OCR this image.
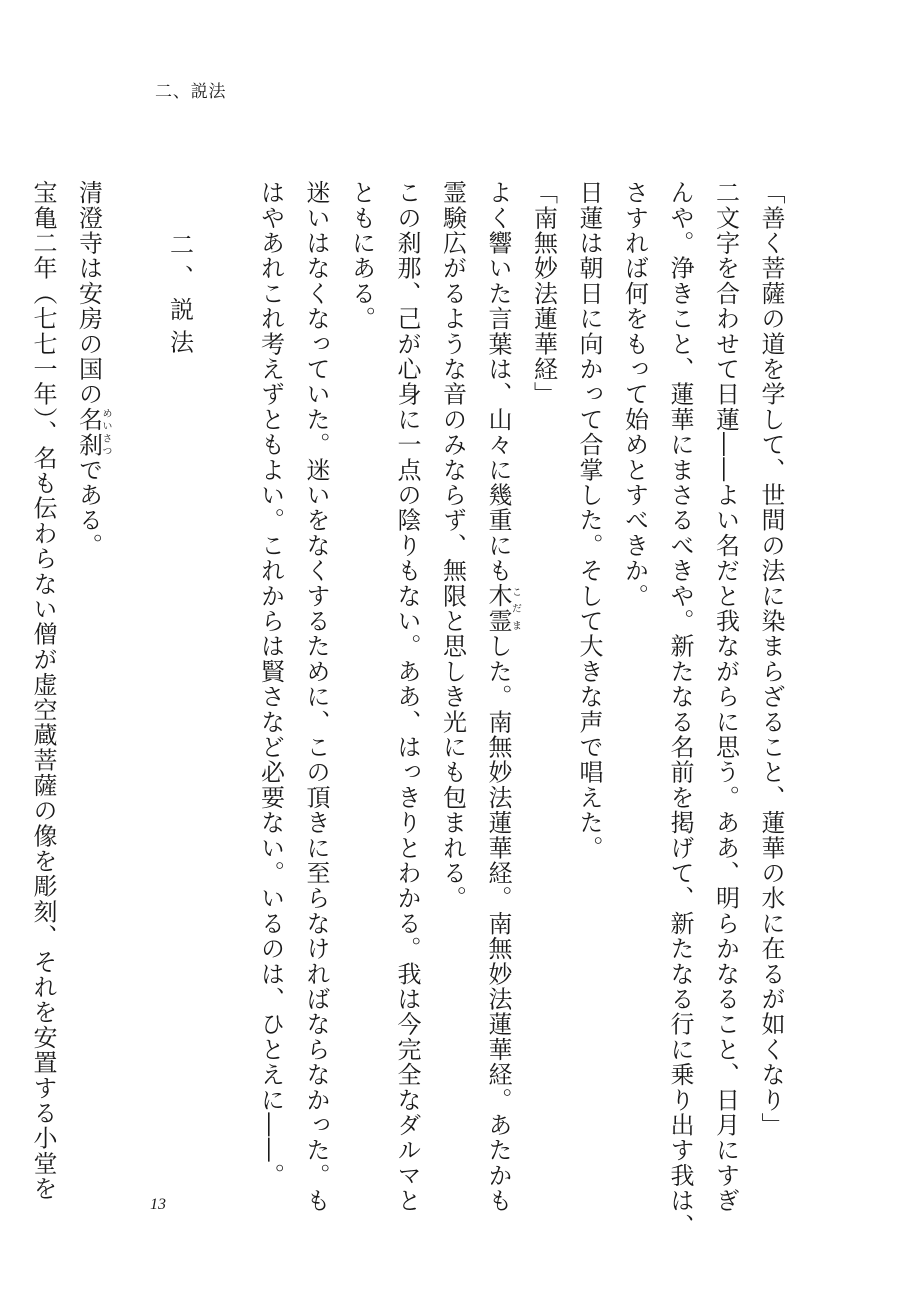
二、説法
「善く菩薩の道を学して、世間の法に染まらざること、蓮華の水に在るが如くなり」
二文字を合わせて日蓮――よい名だと我ながらに思う。ああ、明らかなること、日月にすぎ
んや。浄きこと、蓮華にまさるべきや。新たなる名前を掲げて、新たなる行に乗り出す我は、
さすれば何をもって始めとすべきか。
日蓮は朝日に向かって合掌した。そして大きな声で唱えた。
「南無妙法蓮華経」
よく響いた言葉は、山々に幾重にも木霊こだました。南無妙法蓮華経。南無妙法蓮華経。あたかも
霊験広がるような音のみならず、無限と思しき光にも包まれる。
この刹那、己が心身に一点の陰りもない。ああ、はっきりとわかる。我は今完全なダルマと
ともにある。
迷いはなくなっていた。迷いをなくするために、この頂きに至らなければならなかった。も
はやあれこれ考えずともよい。これからは賢さなど必要ない。いるのは、ひとえに――。
二、説法
清澄寺は安房の国の名刹めいさつである。
宝亀二年（七七一年）、名も伝わらない僧が虚空蔵菩薩の像を彫刻、それを安置する小堂を
13
